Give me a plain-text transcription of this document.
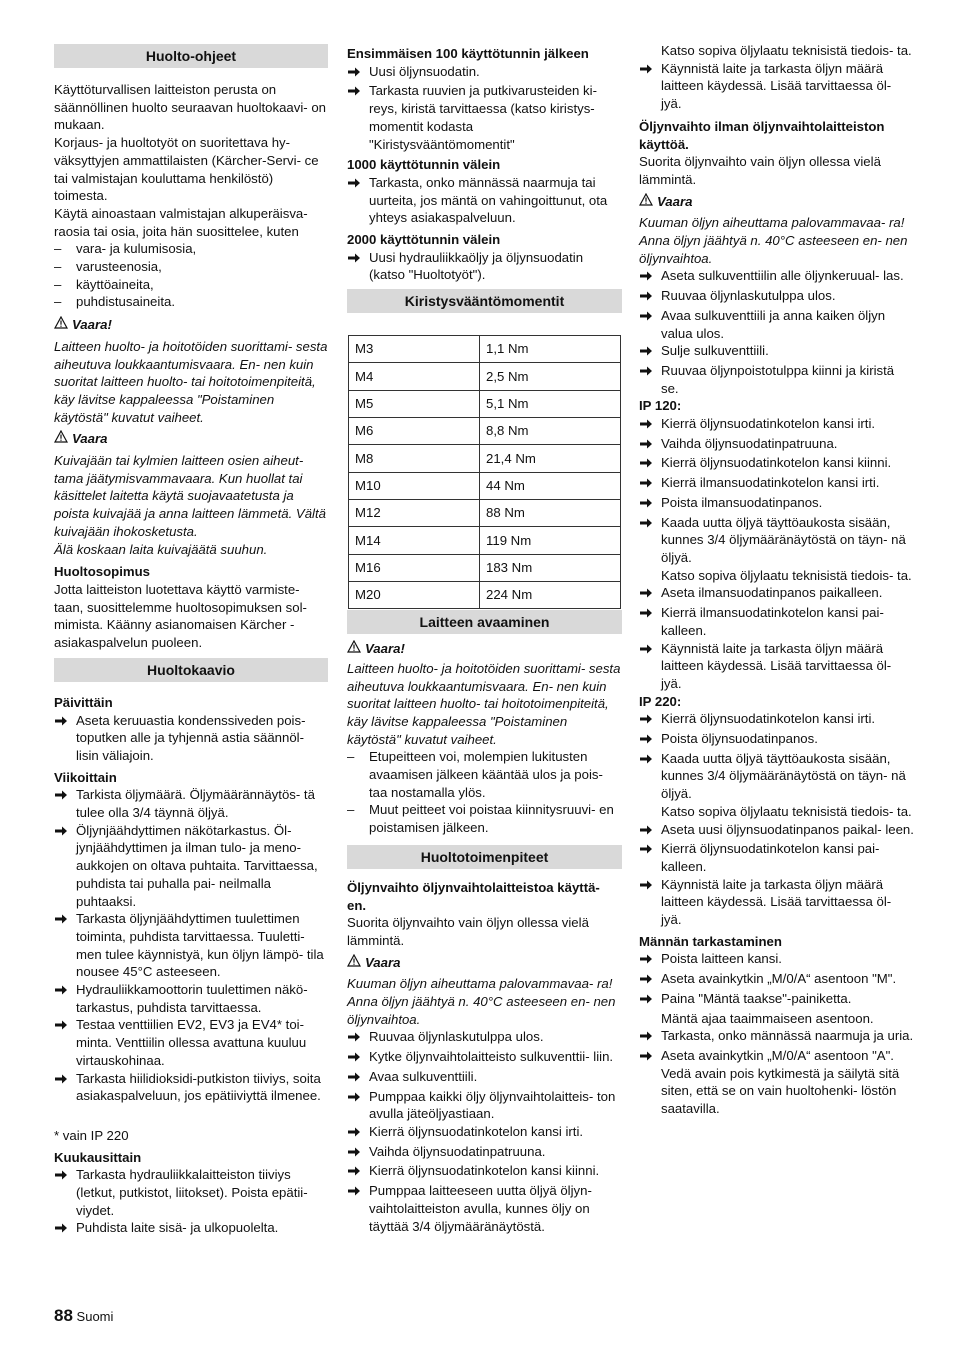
Huolto-ohjeet

Käyttöturvallisen laitteiston perusta on säännöllinen huolto seuraavan huoltokaavi- on mukaan.

Korjaus- ja huoltotyöt on suoritettava hy- väksyttyjen ammattilaisten (Kärcher-Servi- ce tai valmistajan kouluttama henkilöstö) toimesta.

Käytä ainoastaan valmistajan alkuperäisva- raosia tai osia, joita hän suosittelee, kuten

–	vara- ja kulumisosia,
–	varusteenosia,
–	käyttöaineita,
–	puhdistusaineita.

Vaara!

Laitteen huolto- ja hoitotöiden suorittami- sesta aiheutuva loukkaantumisvaara. En- nen kuin suoritat laitteen huolto- tai hoitotoimenpiteitä, käy lävitse kappaleessa "Poistaminen käytöstä" kuvatut vaiheet.

Vaara

Kuivajään tai kylmien laitteen osien aiheut- tama jäätymisvammavaara. Kun huollat tai käsittelet laitetta käytä suojavaatetusta ja poista kuivajää ja anna laitteen lämmetä. Vältä kuivajään ihokosketusta.

Älä koskaan laita kuivajäätä suuhun.

Huoltosopimus

Jotta laitteiston luotettava käyttö varmiste- taan, suosittelemme huoltosopimuksen sol- mimista. Käänny asianomaisen Kärcher - asiakaspalvelun puoleen.

Huoltokaavio

Päivittäin

Aseta keruuastia kondenssiveden pois- toputken alle ja tyhjennä astia säännöl- lisin väliajoin.

Viikoittain

Tarkista öljymäärä. Öljymäärännäytös- tä tulee olla 3/4 täynnä öljyä.
Öljynjäähdyttimen näkötarkastus. Öl- jynjäähdyttimen ja ilman tulo- ja meno- aukkojen on oltava puhtaita. Tarvittaessa, puhdista tai puhalla pai- neilmalla puhtaaksi.
Tarkasta öljynjäähdyttimen tuulettimen toiminta, puhdista tarvittaessa. Tuuletti- men tulee käynnistyä, kun öljyn lämpö- tila nousee 45°C asteeseen.
Hydrauliikkamoottorin tuulettimen näkö- tarkastus, puhdista tarvittaessa.
Testaa venttiilien EV2, EV3 ja EV4* toi- minta. Venttiilin ollessa avattuna kuuluu virtauskohinaa.
Tarkasta hiilidioksidi-putkiston tiiviys, soita asiakaspalveluun, jos epätiiviyttä ilmenee.

* vain IP 220

Kuukausittain

Tarkasta hydrauliikkalaitteiston tiiviys (letkut, putkistot, liitokset). Poista epätii- viydet.
Puhdista laite sisä- ja ulkopuolelta.

Ensimmäisen 100 käyttötunnin jälkeen

Uusi öljynsuodatin.
Tarkasta ruuvien ja putkivarusteiden ki- reys, kiristä tarvittaessa (katso kiristys- momentit kodasta "Kiristysvääntömomentit"

1000 käyttötunnin välein

Tarkasta, onko männässä naarmuja tai uurteita, jos mäntä on vahingoittunut, ota yhteys asiakaspalveluun.

2000 käyttötunnin välein

Uusi hydrauliikkaöljy ja öljynsuodatin (katso "Huoltotyöt").
Kiristysvääntömomentit
M3	1,1 Nm
M4	2,5 Nm
M5	5,1 Nm
M6	8,8 Nm
M8	21,4 Nm
M10	44 Nm
M12	88 Nm
M14	119 Nm
M16	183 Nm
M20	224 Nm
Laitteen avaaminen

Vaara!

Laitteen huolto- ja hoitotöiden suorittami- sesta aiheutuva loukkaantumisvaara. En- nen kuin suoritat laitteen huolto- tai hoitotoimenpiteitä, käy lävitse kappaleessa "Poistaminen käytöstä" kuvatut vaiheet.

–	Etupeitteen voi, molempien lukitusten avaamisen jälkeen kääntää ulos ja pois- taa nostamalla ylös.
–	Muut peitteet voi poistaa kiinnitysruuvi- en poistamisen jälkeen.
Huoltotoimenpiteet

Öljynvaihto öljynvaihtolaitteistoa käyttä- en.

Suorita öljynvaihto vain öljyn ollessa vielä lämmintä.

Vaara

Kuuman öljyn aiheuttama palovammavaa- ra!

Anna öljyn jäähtyä n. 40°C asteeseen en- nen öljynvaihtoa.

Ruuvaa öljynlaskutulppa ulos.
Kytke öljynvaihtolaitteisto sulkuventtii- liin.
Avaa sulkuventtiili.
Pumppaa kaikki öljy öljynvaihtolaitteis- ton avulla jäteöljyastiaan.
Kierrä öljynsuodatinkotelon kansi irti.
Vaihda öljynsuodatinpatruuna.
Kierrä öljynsuodatinkotelon kansi kiinni.
Pumppaa laitteeseen uutta öljyä öljyn- vaihtolaitteiston avulla, kunnes öljy on täyttää 3/4 öljymääränäytöstä.

Katso sopiva öljylaatu teknisistä tiedois- ta.

Käynnistä laite ja tarkasta öljyn määrä laitteen käydessä. Lisää tarvittaessa öl- jyä.

Öljynvaihto ilman öljynvaihtolaitteiston käyttöä.

Suorita öljynvaihto vain öljyn ollessa vielä lämmintä.

Vaara

Kuuman öljyn aiheuttama palovammavaa- ra!

Anna öljyn jäähtyä n. 40°C asteeseen en- nen öljynvaihtoa.

Aseta sulkuventtiilin alle öljynkeruual- las.
Ruuvaa öljynlaskutulppa ulos.
Avaa sulkuventtiili ja anna kaiken öljyn valua ulos.
Sulje sulkuventtiili.
Ruuvaa öljynpoistotulppa kiinni ja kiristä se.

IP 120:

Kierrä öljynsuodatinkotelon kansi irti.
Vaihda öljynsuodatinpatruuna.
Kierrä öljynsuodatinkotelon kansi kiinni.
Kierrä ilmansuodatinkotelon kansi irti.
Poista ilmansuodatinpanos.
Kaada uutta öljyä täyttöaukosta sisään, kunnes 3/4 öljymääränäytöstä on täyn- nä öljyä.

Katso sopiva öljylaatu teknisistä tiedois- ta.

Aseta ilmansuodatinpanos paikalleen.
Kierrä ilmansuodatinkotelon kansi pai- kalleen.
Käynnistä laite ja tarkasta öljyn määrä laitteen käydessä. Lisää tarvittaessa öl- jyä.

IP 220:

Kierrä öljynsuodatinkotelon kansi irti.
Poista öljynsuodatinpanos.
Kaada uutta öljyä täyttöaukosta sisään, kunnes 3/4 öljymääränäytöstä on täyn- nä öljyä.

Katso sopiva öljylaatu teknisistä tiedois- ta.

Aseta uusi öljynsuodatinpanos paikal- leen.
Kierrä öljynsuodatinkotelon kansi pai- kalleen.
Käynnistä laite ja tarkasta öljyn määrä laitteen käydessä. Lisää tarvittaessa öl- jyä.

Männän tarkastaminen

Poista laitteen kansi.
Aseta avainkytkin „M/0/A“ asentoon "M".
Paina "Mäntä taakse"-painiketta.

Mäntä ajaa taaimmaiseen asentoon.

Tarkasta, onko männässä naarmuja ja uria.
Aseta avainkytkin „M/0/A“ asentoon "A". Vedä avain pois kytkimestä ja säilytä sitä siten, että se on vain huoltohenki- löstön saatavilla.
88 Suomi
